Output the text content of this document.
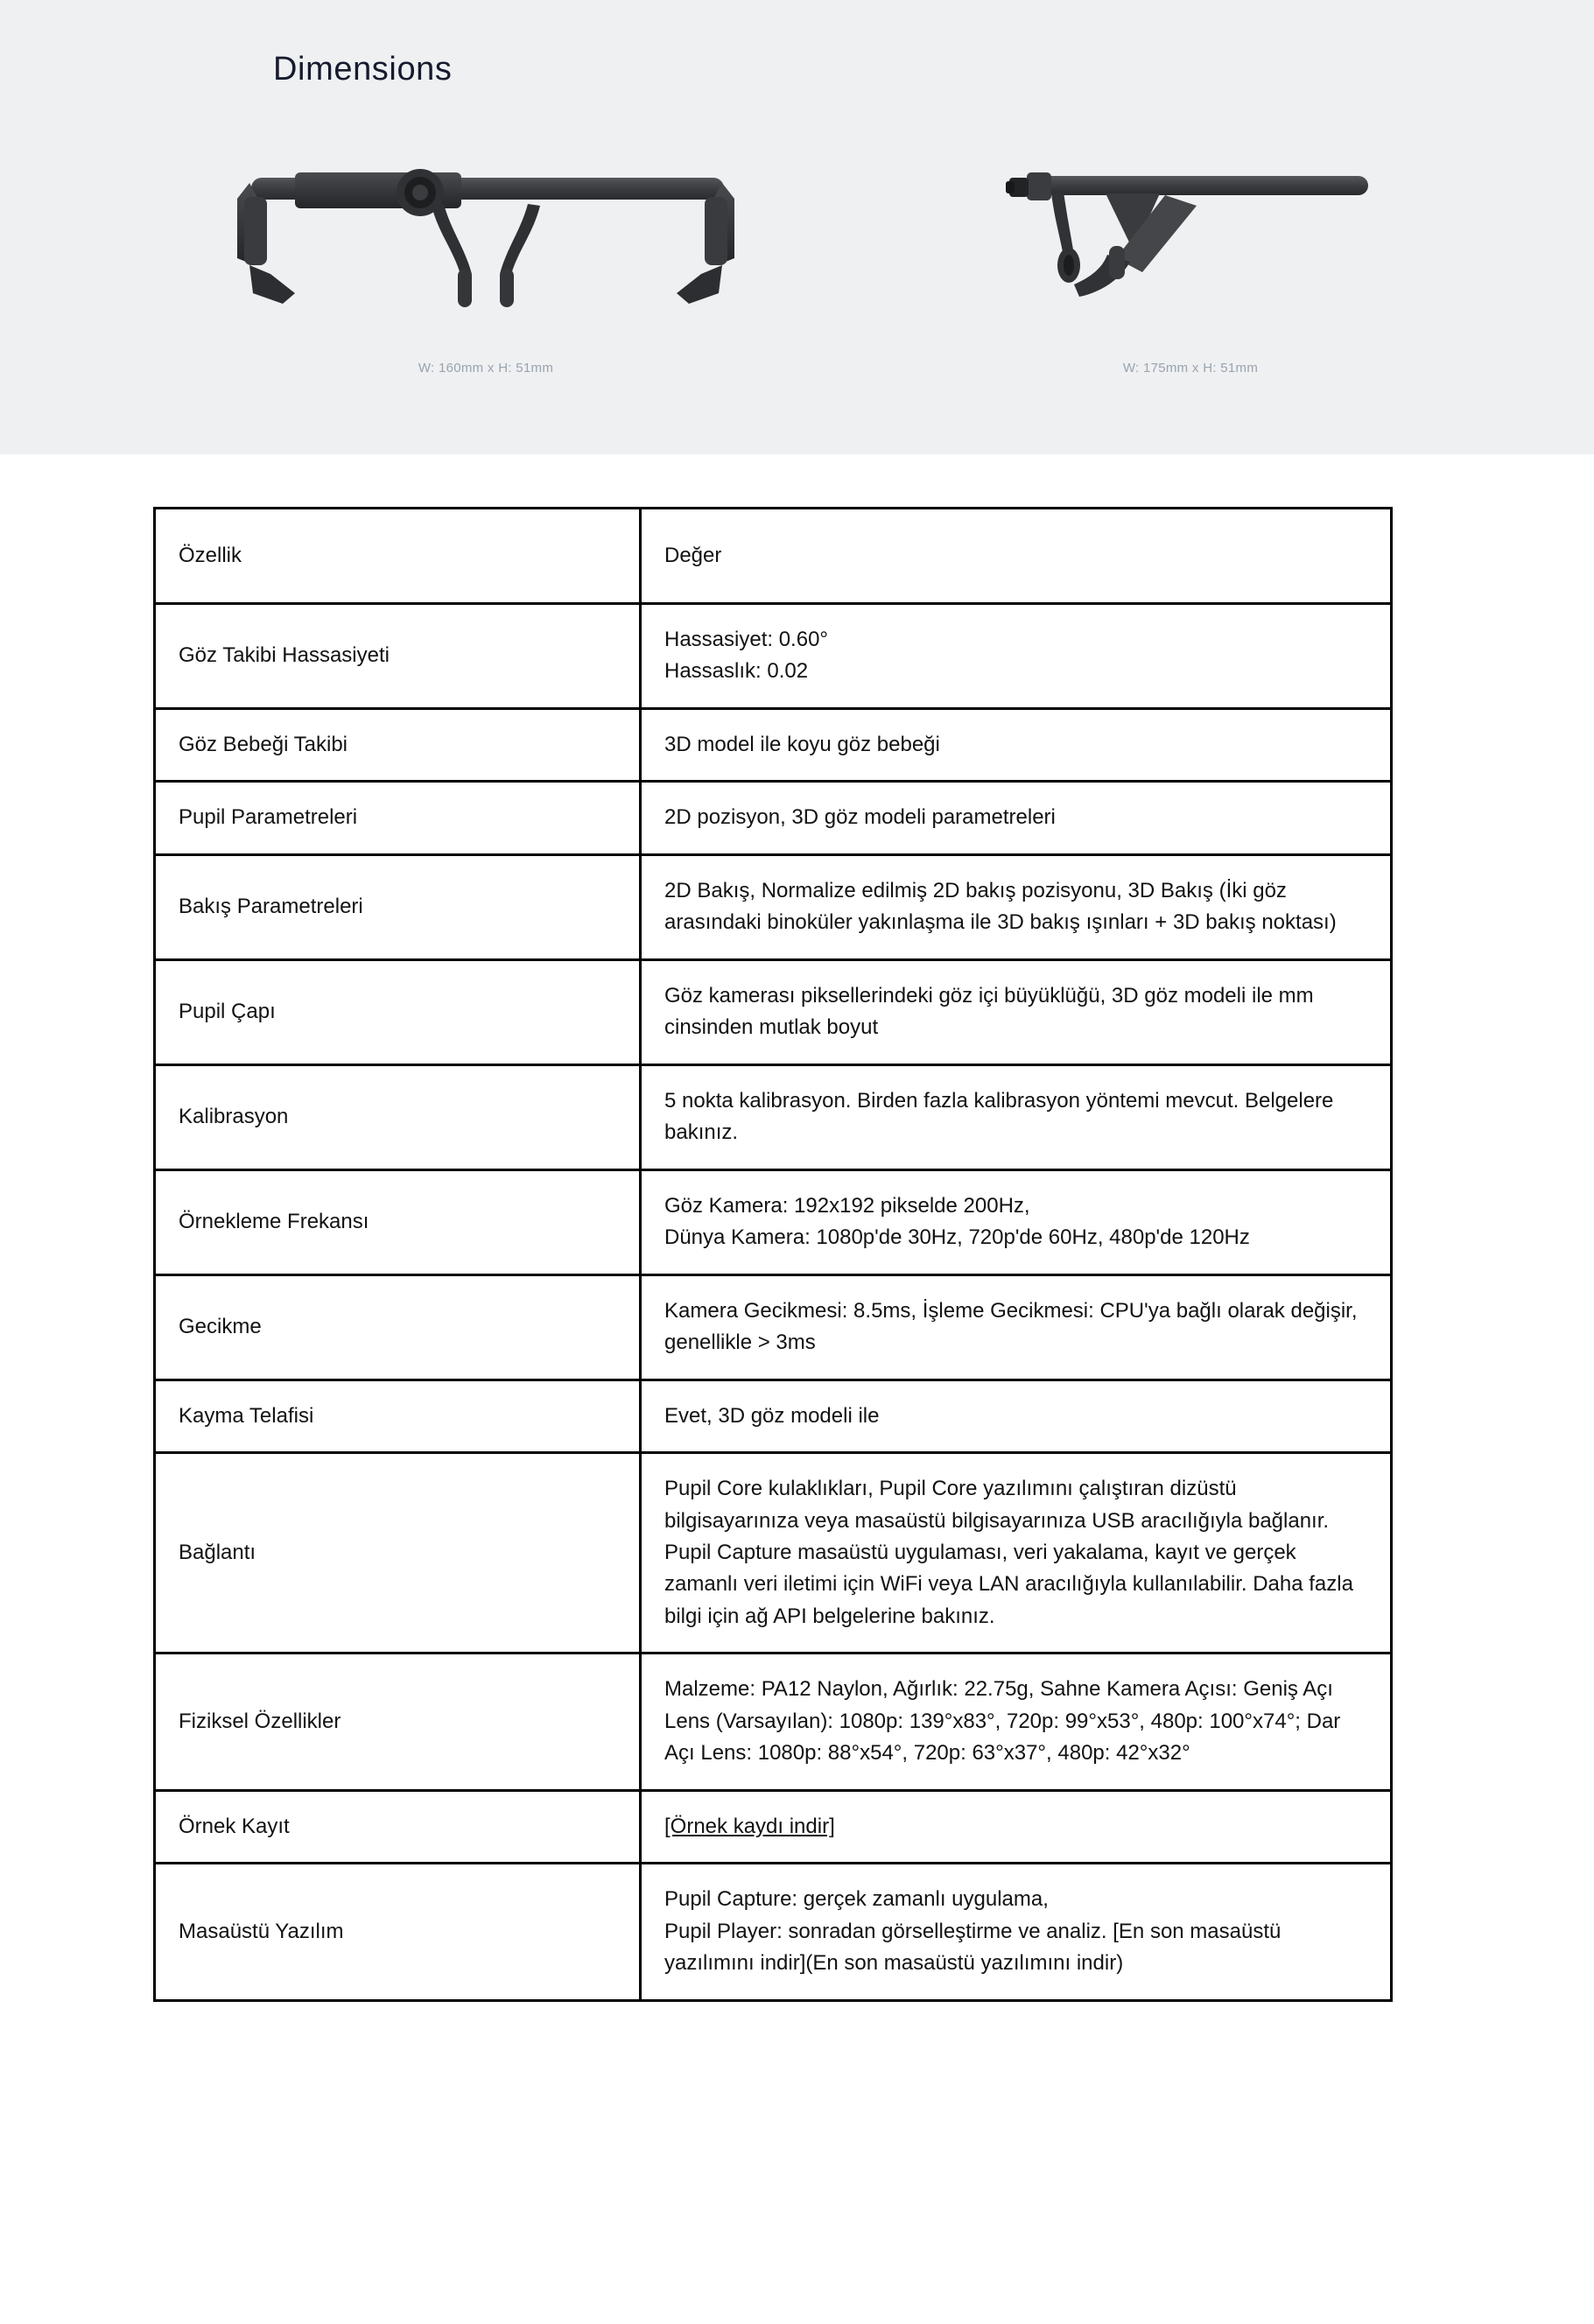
Dimensions
W: 160mm x H: 51mm	W: 175mm x H: 51mm
Özellik	Değer
Göz Takibi Hassasiyeti	Hassasiyet: 0.60°
Hassaslık: 0.02

Göz Bebeği Takibi	3D model ile koyu göz bebeği
Pupil Parametreleri	2D pozisyon, 3D göz modeli parametreleri
Bakış Parametreleri	2D Bakış, Normalize edilmiş 2D bakış pozisyonu, 3D Bakış (İki göz arasındaki binoküler yakınlaşma ile 3D bakış ışınları + 3D bakış noktası)
Pupil Çapı	Göz kamerası piksellerindeki göz içi büyüklüğü, 3D göz modeli ile mm cinsinden mutlak boyut
Kalibrasyon	5 nokta kalibrasyon. Birden fazla kalibrasyon yöntemi mevcut. Belgelere bakınız.
Örnekleme Frekansı	Göz Kamera: 192x192 pikselde 200Hz,
Dünya Kamera: 1080p'de 30Hz, 720p'de 60Hz, 480p'de 120Hz

Gecikme	Kamera Gecikmesi: 8.5ms, İşleme Gecikmesi: CPU'ya bağlı olarak değişir, genellikle > 3ms
Kayma Telafisi	Evet, 3D göz modeli ile
Bağlantı	Pupil Core kulaklıkları, Pupil Core yazılımını çalıştıran dizüstü bilgisayarınıza veya masaüstü bilgisayarınıza USB aracılığıyla bağlanır. Pupil Capture masaüstü uygulaması, veri yakalama, kayıt ve gerçek zamanlı veri iletimi için WiFi veya LAN aracılığıyla kullanılabilir. Daha fazla bilgi için ağ API belgelerine bakınız.
Fiziksel Özellikler	Malzeme: PA12 Naylon, Ağırlık: 22.75g, Sahne Kamera Açısı: Geniş Açı Lens (Varsayılan): 1080p: 139°x83°, 720p: 99°x53°, 480p: 100°x74°; Dar Açı Lens: 1080p: 88°x54°, 720p: 63°x37°, 480p: 42°x32°
Örnek Kayıt	[Örnek kaydı indir]
Masaüstü Yazılım	Pupil Capture: gerçek zamanlı uygulama,
Pupil Player: sonradan görselleştirme ve analiz. [En son masaüstü yazılımını indir](En son masaüstü yazılımını indir)
